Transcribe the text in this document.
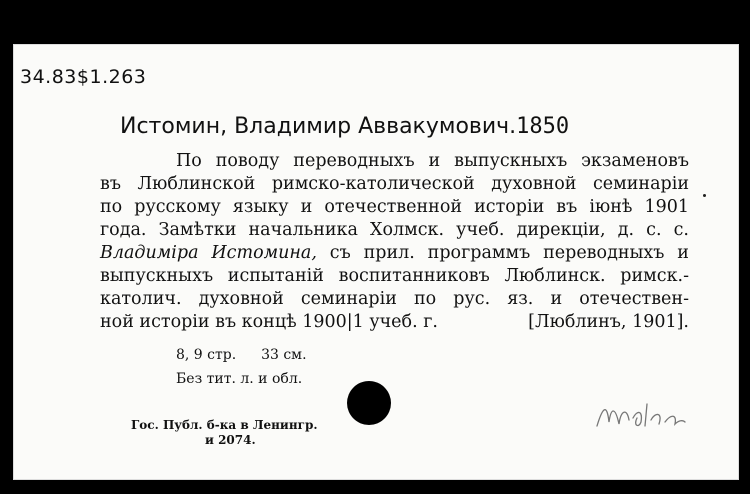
34.83$1.263
Истомин, Владимир Аввакумович.1850
По поводу переводныхъ и выпускныхъ экзаменовъ
въ Люблинской римско-католической духовной семинаріи
по русскому языку и отечественной исторіи въ іюнѣ 1901
года. Замѣтки начальника Холмск. учеб. дирекціи, д. с. с.
Владиміра Истомина, съ прил. программъ переводныхъ и
выпускныхъ испытаній воспитанниковъ Люблинск. римск.-
католич. духовной семинаріи по рус. яз. и отечествен-
ной исторіи въ концѣ 1900|1 учеб. г.	[Люблинъ, 1901].
8, 9 стр. 33 см.
Без тит. л. и обл.
Гос. Публ. б-ка в Ленингр.
и 2074.
